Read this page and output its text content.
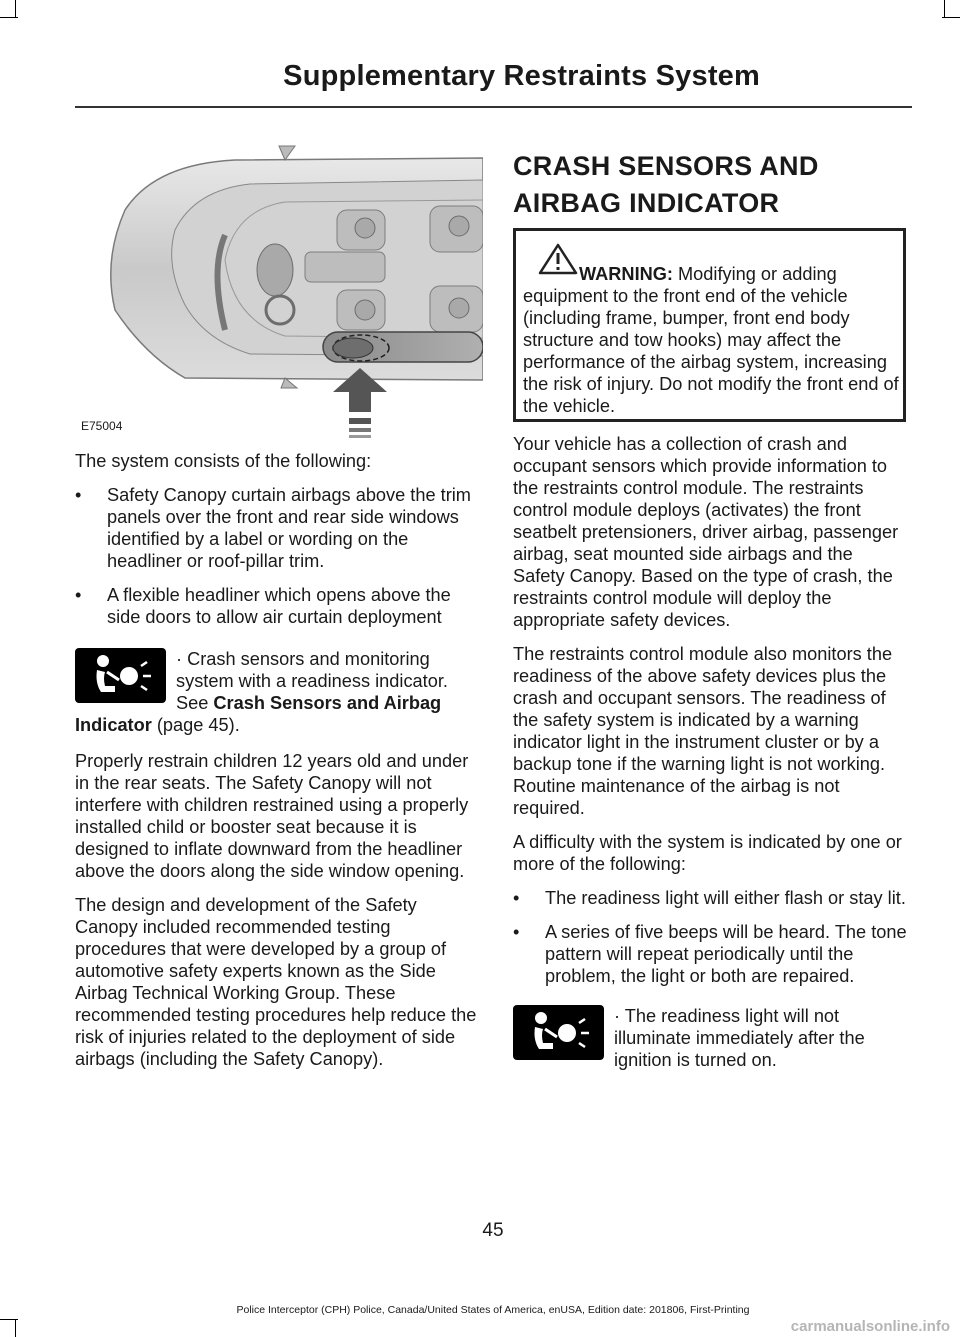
Supplementary Restraints System
E75004

The system consists of the following:

• Safety Canopy curtain airbags above the trim panels over the front and rear side windows identified by a label or wording on the headliner or roof-pillar trim.
• A flexible headliner which opens above the side doors to allow air curtain deployment
· Crash sensors and monitoring system with a readiness indicator. See Crash Sensors and Airbag Indicator (page 45).

Properly restrain children 12 years old and under in the rear seats. The Safety Canopy will not interfere with children restrained using a properly installed child or booster seat because it is designed to inflate downward from the headliner above the doors along the side window opening.

The design and development of the Safety Canopy included recommended testing procedures that were developed by a group of automotive safety experts known as the Side Airbag Technical Working Group. These recommended testing procedures help reduce the risk of injuries related to the deployment of side airbags (including the Safety Canopy).

CRASH SENSORS AND AIRBAG INDICATOR
WARNING: Modifying or adding equipment to the front end of the vehicle (including frame, bumper, front end body structure and tow hooks) may affect the performance of the airbag system, increasing the risk of injury. Do not modify the front end of the vehicle.

Your vehicle has a collection of crash and occupant sensors which provide information to the restraints control module. The restraints control module deploys (activates) the front seatbelt pretensioners, driver airbag, passenger airbag, seat mounted side airbags and the Safety Canopy. Based on the type of crash, the restraints control module will deploy the appropriate safety devices.

The restraints control module also monitors the readiness of the above safety devices plus the crash and occupant sensors. The readiness of the safety system is indicated by a warning indicator light in the instrument cluster or by a backup tone if the warning light is not working. Routine maintenance of the airbag is not required.

A difficulty with the system is indicated by one or more of the following:

• The readiness light will either flash or stay lit.
• A series of five beeps will be heard. The tone pattern will repeat periodically until the problem, the light or both are repaired.
· The readiness light will not illuminate immediately after the ignition is turned on.
45
Police Interceptor (CPH) Police, Canada/United States of America, enUSA, Edition date: 201806, First-Printing
carmanualsonline.info
